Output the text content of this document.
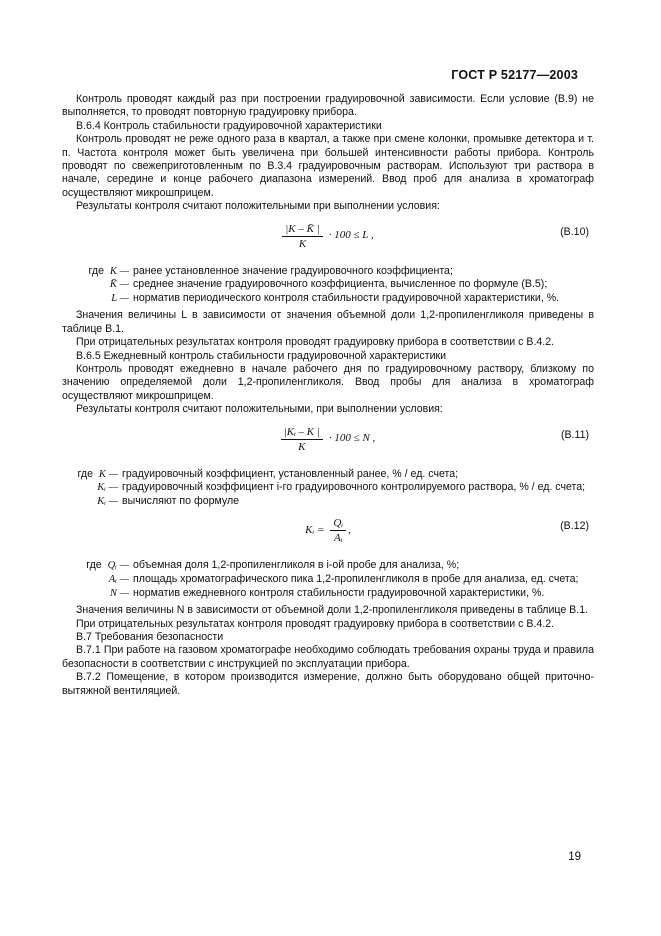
ГОСТ Р 52177—2003

Контроль проводят каждый раз при построении градуировочной зависимости. Если условие (В.9) не выполняется, то проводят повторную градуировку прибора.

В.6.4 Контроль стабильности градуировочной характеристики

Контроль проводят не реже одного раза в квартал, а также при смене колонки, промывке детектора и т. п. Частота контроля может быть увеличена при большей интенсивности работы прибора. Контроль проводят по свежеприготовленным по В.3.4 градуировочным растворам. Используют три раствора в начале, середине и конце рабочего диапазона измерений. Ввод проб для анализа в хроматограф осуществляют микрошприцем.

Результаты контроля считают положительными при выполнении условия:

$\frac{|K - K̄ |}{K} \cdot 100 \le L$ ,	(В.10)
где K — ранее установленное значение градуировочного коэффициента;
K̄ — среднее значение градуировочного коэффициента, вычисленное по формуле (В.5);
L — норматив периодического контроля стабильности градуировочной характеристики, %.

Значения величины L в зависимости от значения объемной доли 1,2-пропиленгликоля приведены в таблице В.1.

При отрицательных результатах контроля проводят градуировку прибора в соответствии с В.4.2.

В.6.5 Ежедневный контроль стабильности градуировочной характеристики

Контроль проводят ежедневно в начале рабочего дня по градуировочному раствору, близкому по значению определяемой доли 1,2-пропиленгликоля. Ввод пробы для анализа в хроматограф осуществляют микрошприцем.

Результаты контроля считают положительными, при выполнении условия:

$\frac{\text{|Kᵢ – K |}}{K} \cdot 100 \le N$ ,	(В.11)
где K — градуировочный коэффициент, установленный ранее, % / ед. счета;
Kᵢ — градуировочный коэффициент i-го градуировочного контролируемого раствора, % / ед. счета;
Kᵢ — вычисляют по формуле
Kᵢ = $\frac{\text{Qᵢ}}{\text{Aᵢ}}$ ,	(В.12)
где Qᵢ — объемная доля 1,2-пропиленгликоля в i-ой пробе для анализа, %;
Aᵢ — площадь хроматографического пика 1,2-пропиленгликоля в пробе для анализа, ед. счета;
N — норматив ежедневного контроля стабильности градуировочной характеристики, %.

Значения величины N в зависимости от объемной доли 1,2-пропиленгликоля приведены в таблице В.1.

При отрицательных результатах контроля проводят градуировку прибора в соответствии с В.4.2.

В.7 Требования безопасности

В.7.1 При работе на газовом хроматографе необходимо соблюдать требования охраны труда и правила безопасности в соответствии с инструкцией по эксплуатации прибора.

В.7.2 Помещение, в котором производится измерение, должно быть оборудовано общей приточно-вытяжной вентиляцией.

19
